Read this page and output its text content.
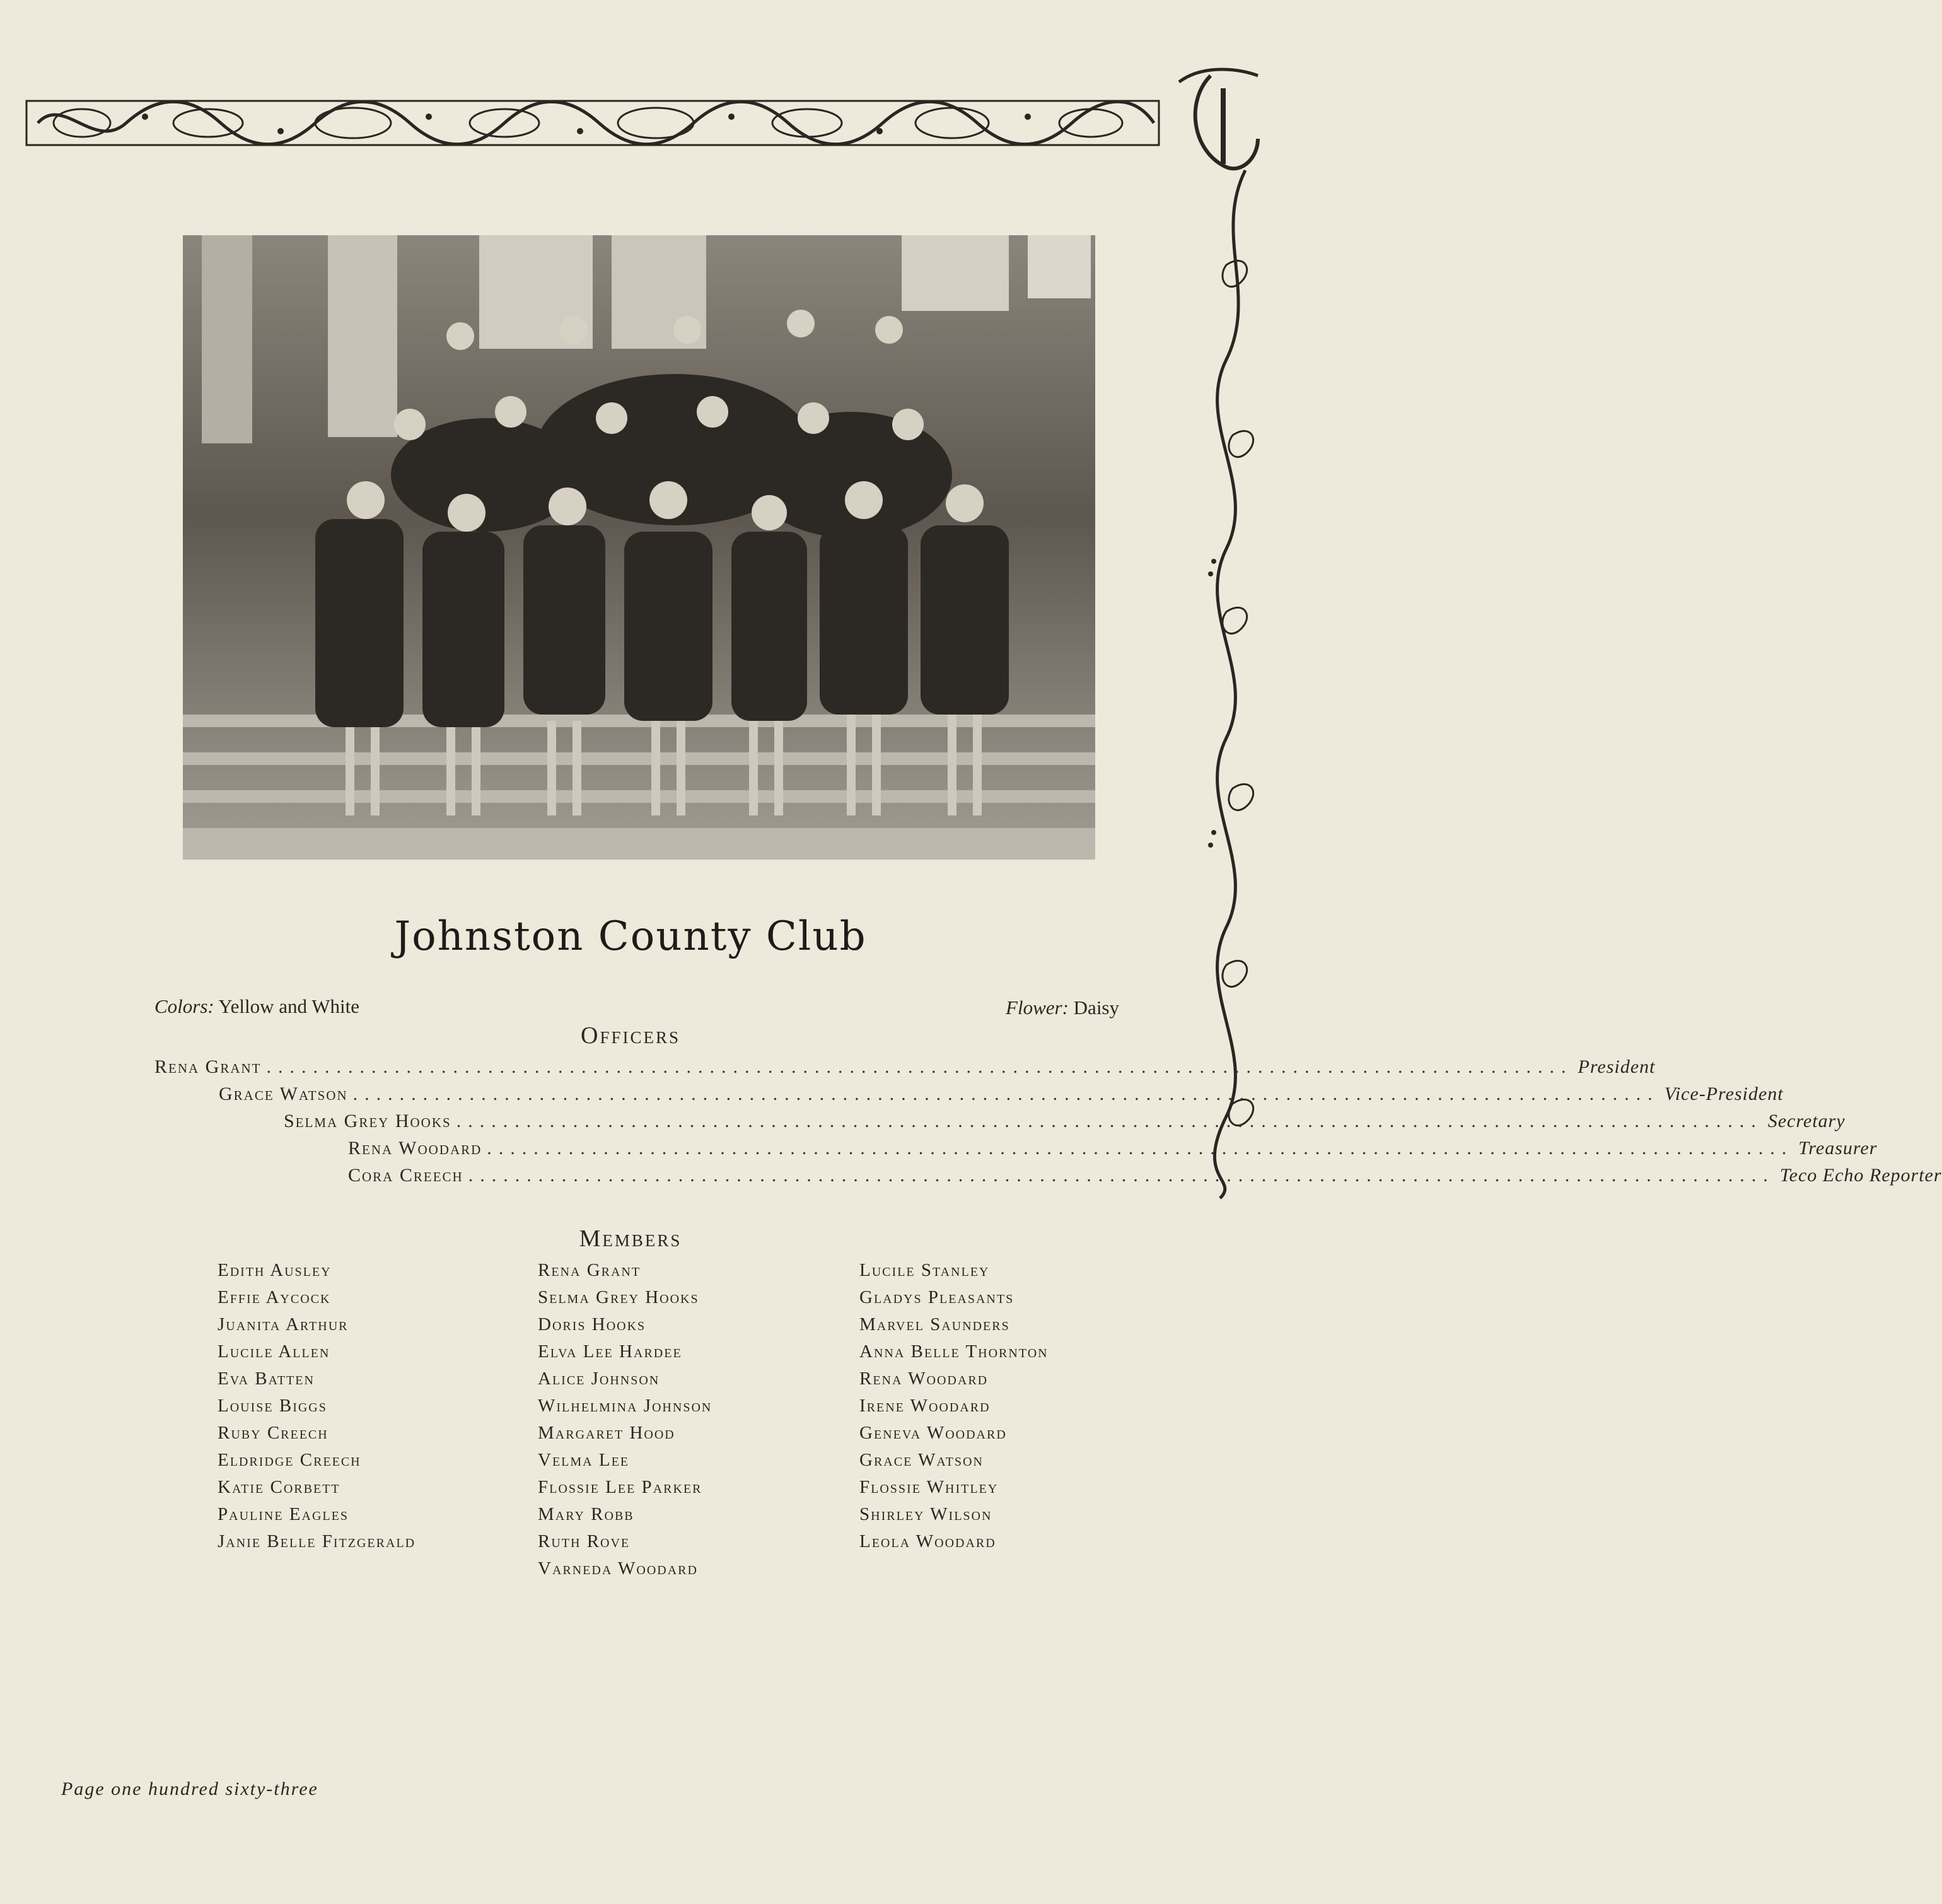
Johnston County Club
Colors: Yellow and White	Flower: Daisy
Officers
Rena Grant ................................................................................................................ President
Grace Watson ................................................................................................................ Vice-President
Selma Grey Hooks ................................................................................................................ Secretary
Rena Woodard ................................................................................................................ Treasurer
Cora Creech ................................................................................................................ Teco Echo Reporter
Members
Edith Ausley
Effie Aycock
Juanita Arthur
Lucile Allen
Eva Batten
Louise Biggs
Ruby Creech
Eldridge Creech
Katie Corbett
Pauline Eagles
Janie Belle Fitzgerald
Rena Grant
Selma Grey Hooks
Doris Hooks
Elva Lee Hardee
Alice Johnson
Wilhelmina Johnson
Margaret Hood
Velma Lee
Flossie Lee Parker
Mary Robb
Ruth Rove
Varneda Woodard
Lucile Stanley
Gladys Pleasants
Marvel Saunders
Anna Belle Thornton
Rena Woodard
Irene Woodard
Geneva Woodard
Grace Watson
Flossie Whitley
Shirley Wilson
Leola Woodard
Page one hundred sixty-three
